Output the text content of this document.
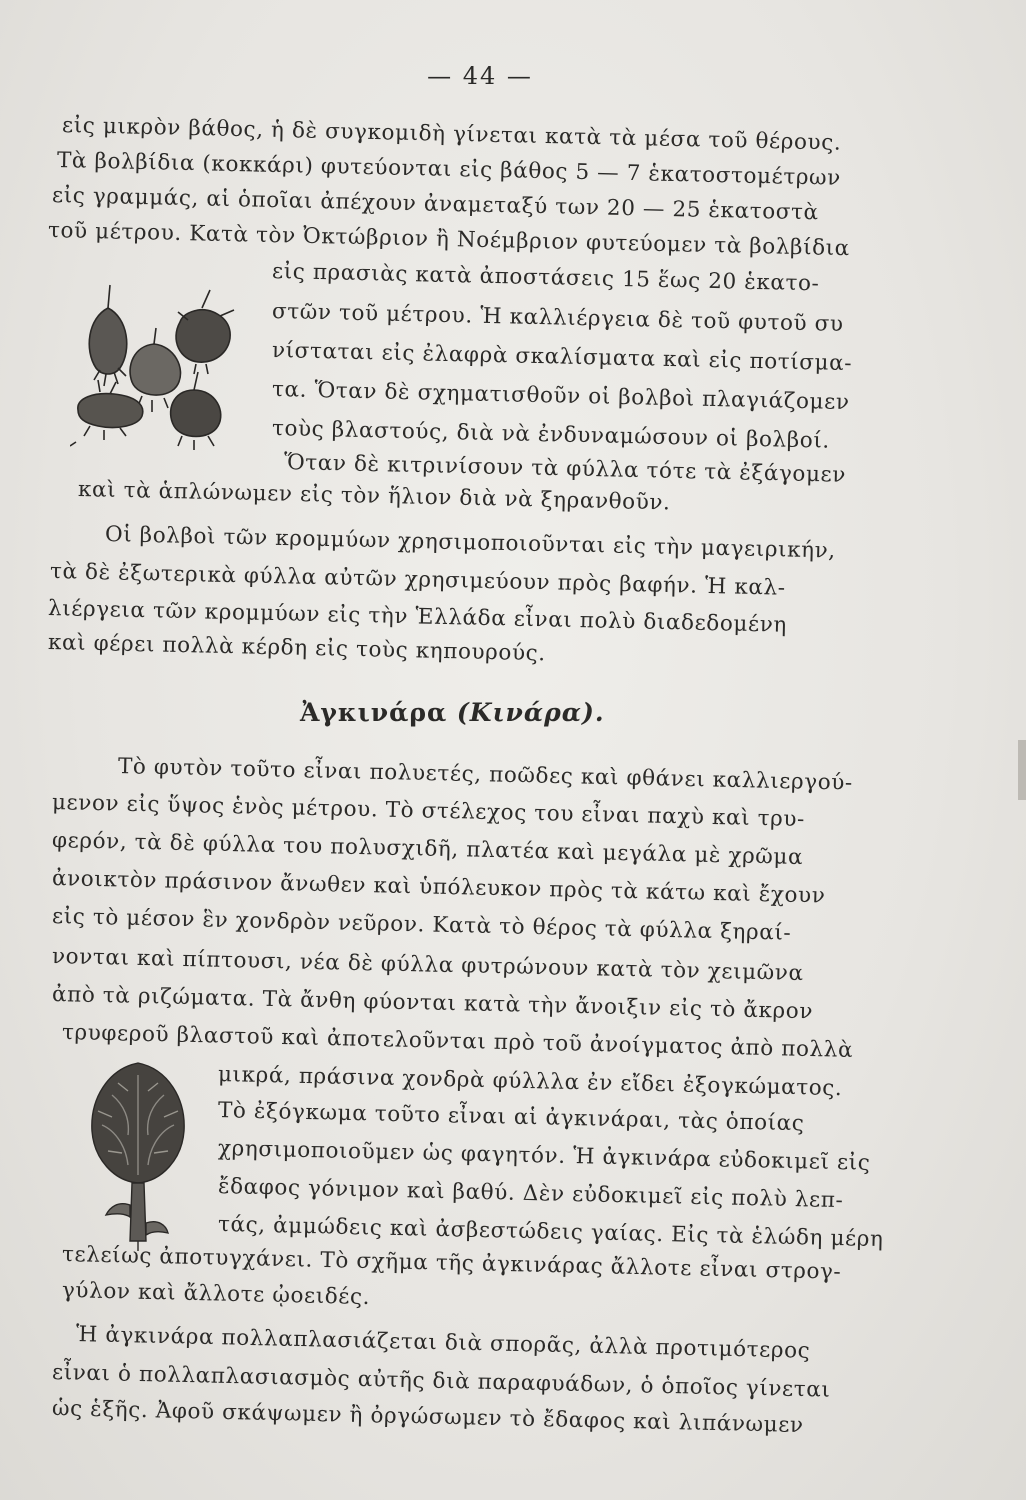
— 44 —
εἰς μικρὸν βάθος, ἡ δὲ συγκομιδὴ γίνεται κατὰ τὰ μέσα τοῦ θέρους.
Τὰ βολβίδια (κοκκάρι) φυτεύονται εἰς βάθος 5 — 7 ἑκατοστομέτρων
εἰς γραμμάς, αἱ ὁποῖαι ἀπέχουν ἀναμεταξύ των 20 — 25 ἑκατοστὰ
τοῦ μέτρου. Κατὰ τὸν Ὀκτώβριον ἢ Νοέμβριον φυτεύομεν τὰ βολβίδια
εἰς πρασιὰς κατὰ ἀποστάσεις 15 ἕως 20 ἑκατο-
στῶν τοῦ μέτρου. Ἡ καλλιέργεια δὲ τοῦ φυτοῦ συ
νίσταται εἰς ἐλαφρὰ σκαλίσματα καὶ εἰς ποτίσμα-
τα. Ὅταν δὲ σχηματισθοῦν οἱ βολβοὶ πλαγιάζομεν
τοὺς βλαστούς, διὰ νὰ ἐνδυναμώσουν οἱ βολβοί.
Ὅταν δὲ κιτρινίσουν τὰ φύλλα τότε τὰ ἐξάγομεν
καὶ τὰ ἁπλώνωμεν εἰς τὸν ἥλιον διὰ νὰ ξηρανθοῦν.
Οἱ βολβοὶ τῶν κρομμύων χρησιμοποιοῦνται εἰς τὴν μαγειρικήν,
τὰ δὲ ἐξωτερικὰ φύλλα αὐτῶν χρησιμεύουν πρὸς βαφήν. Ἡ καλ-
λιέργεια τῶν κρομμύων εἰς τὴν Ἑλλάδα εἶναι πολὺ διαδεδομένη
καὶ φέρει πολλὰ κέρδη εἰς τοὺς κηπουρούς.
Ἀγκινάρα (Κινάρα).
Τὸ φυτὸν τοῦτο εἶναι πολυετές, ποῶδες καὶ φθάνει καλλιεργού-
μενον εἰς ὕψος ἑνὸς μέτρου. Τὸ στέλεχος του εἶναι παχὺ καὶ τρυ-
φερόν, τὰ δὲ φύλλα του πολυσχιδῆ, πλατέα καὶ μεγάλα μὲ χρῶμα
ἀνοικτὸν πράσινον ἄνωθεν καὶ ὑπόλευκον πρὸς τὰ κάτω καὶ ἔχουν
εἰς τὸ μέσον ἓν χονδρὸν νεῦρον. Κατὰ τὸ θέρος τὰ φύλλα ξηραί-
νονται καὶ πίπτουσι, νέα δὲ φύλλα φυτρώνουν κατὰ τὸν χειμῶνα
ἀπὸ τὰ ριζώματα. Τὰ ἄνθη φύονται κατὰ τὴν ἄνοιξιν εἰς τὸ ἄκρον
τρυφεροῦ βλαστοῦ καὶ ἀποτελοῦνται πρὸ τοῦ ἀνοίγματος ἀπὸ πολλὰ
μικρά, πράσινα χονδρὰ φύλλλα ἐν εἴδει ἐξογκώματος.
Τὸ ἐξόγκωμα τοῦτο εἶναι αἱ ἀγκινάραι, τὰς ὁποίας
χρησιμοποιοῦμεν ὡς φαγητόν. Ἡ ἀγκινάρα εὐδοκιμεῖ εἰς
ἔδαφος γόνιμον καὶ βαθύ. Δὲν εὐδοκιμεῖ εἰς πολὺ λεπ-
τάς, ἀμμώδεις καὶ ἀσβεστώδεις γαίας. Εἰς τὰ ἑλώδη μέρη
τελείως ἀποτυγχάνει. Τὸ σχῆμα τῆς ἀγκινάρας ἄλλοτε εἶναι στρογ-
γύλον καὶ ἄλλοτε ᾠοειδές.
Ἡ ἀγκινάρα πολλαπλασιάζεται διὰ σπορᾶς, ἀλλὰ προτιμότερος
εἶναι ὁ πολλαπλασιασμὸς αὐτῆς διὰ παραφυάδων, ὁ ὁποῖος γίνεται
ὡς ἑξῆς. Ἀφοῦ σκάψωμεν ἢ ὀργώσωμεν τὸ ἔδαφος καὶ λιπάνωμεν
